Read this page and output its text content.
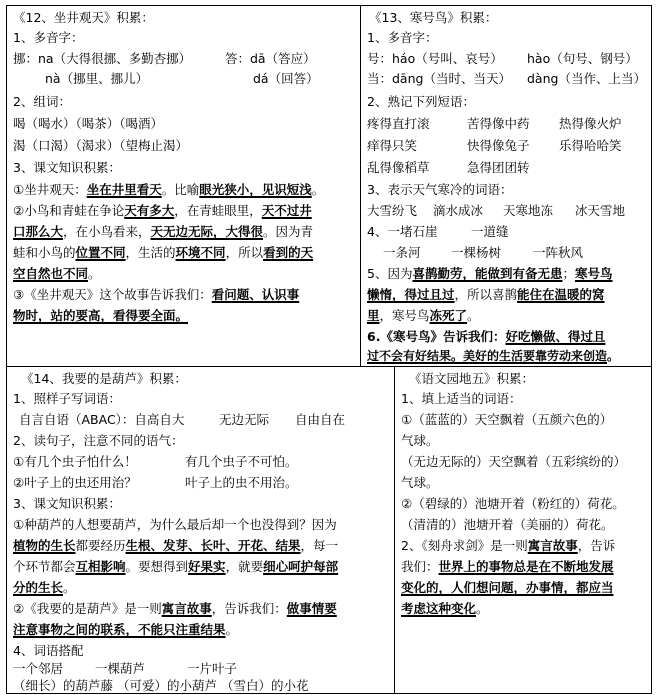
《12、坐井观天》积累：
1、多音字：
挪：na（大得很挪、多勤杏挪）	答：dā（答应）
nà（挪里、挪儿）	dá（回答）
2、组词：
喝（喝水）（喝茶）（喝酒）
渴（口渴）（渴求）（望梅止渴）
3、课文知识积累：
①坐井观天：坐在井里看天。比喻眼光狭小，见识短浅。
②小鸟和青蛙在争论天有多大，在青蛙眼里，天不过井
口那么大，在小鸟看来，天无边无际，大得很。因为青
蛙和小鸟的位置不同，生活的环境不同，所以看到的天
空自然也不同。
③《坐井观天》这个故事告诉我们：看问题、认识事
物时，站的要高，看得要全面。
《13、寒号鸟》积累：
1、多音字：
号：háo（号叫、哀号） hào（句号、钢号）
当：dāng（当时、当天） dàng（当作、上当）
2、熟记下列短语：
疼得直打滚	苦得像中药 热得像火炉
痒得只笑	快得像兔子 乐得哈哈笑
乱得像稻草	急得团团转
3、表示天气寒冷的词语：
大雪纷飞 滴水成冰 天寒地冻 冰天雪地
4、一堵石崖	一道缝
一条河 一棵杨树	一阵秋风
5、因为喜鹊勤劳，能做到有备无患；寒号鸟
懒惰，得过且过，所以喜鹊能住在温暖的窝
里，寒号鸟冻死了。
6.《寒号鸟》告诉我们：好吃懒做、得过且
过不会有好结果。美好的生活要靠劳动来创造。
《14、我要的是葫芦》积累：
1、照样子写词语：
自言自语（ABAC）：自高自大	无边无际 自由自在
2、读句子，注意不同的语气：
①有几个虫子怕什么！	有几个虫子不可怕。
②叶子上的虫还用治？	叶子上的虫不用治。
3、课文知识积累：
①种葫芦的人想要葫芦，为什么最后却一个也没得到？因为
植物的生长都要经历生根、发芽、长叶、开花、结果，每一
个环节都会互相影响。要想得到好果实，就要细心呵护每部
分的生长。
②《我要的是葫芦》是一则寓言故事，告诉我们：做事情要
注意事物之间的联系，不能只注重结果。
4、词语搭配
一个邻居	一棵葫芦	一片叶子
（细长）的葫芦藤 （可爱）的小葫芦 （雪白）的小花
《语文园地五》积累：
1、填上适当的词语：
①（蓝蓝的）天空飘着（五颜六色的）
气球。
（无边无际的）天空飘着（五彩缤纷的）
气球。
②（碧绿的）池塘开着（粉红的）荷花。
（清清的）池塘开着（美丽的）荷花。
2、《刻舟求剑》是一则寓言故事，告诉
我们：世界上的事物总是在不断地发展
变化的，人们想问题，办事情，都应当
考虑这种变化。
